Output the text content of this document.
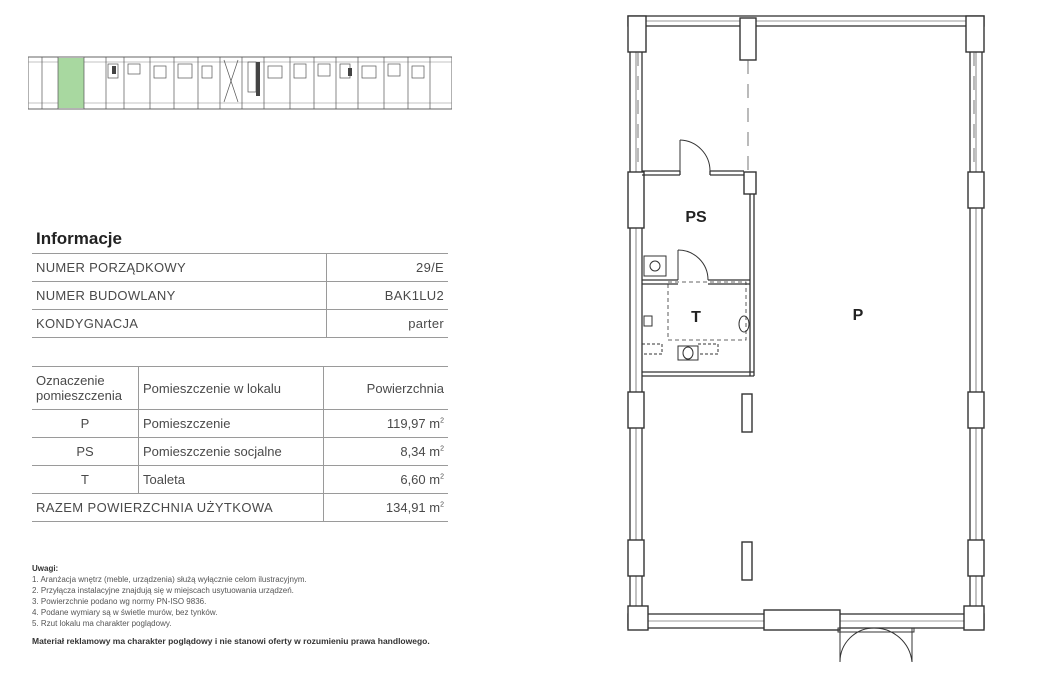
Informacje
NUMER PORZĄDKOWY	29/E
NUMER BUDOWLANY	BAK1LU2
KONDYGNACJA	parter
Oznaczenie pomieszczenia	Pomieszczenie w lokalu	Powierzchnia
P	Pomieszczenie	119,97 $m^2$
PS	Pomieszczenie socjalne	8,34 $m^2$
T	Toaleta	6,60 $m^2$
RAZEM POWIERZCHNIA UŻYTKOWA		134,91 $m^2$
Uwagi:
1. Aranżacja wnętrz (meble, urządzenia) służą wyłącznie celom ilustracyjnym.
2. Przyłącza instalacyjne znajdują się w miejscach usytuowania urządzeń.
3. Powierzchnie podano wg normy PN-ISO 9836.
4. Podane wymiary są w świetle murów, bez tynków.
5. Rzut lokalu ma charakter poglądowy.
Materiał reklamowy ma charakter poglądowy i nie stanowi oferty w rozumieniu prawa handlowego.
PS
T	P
